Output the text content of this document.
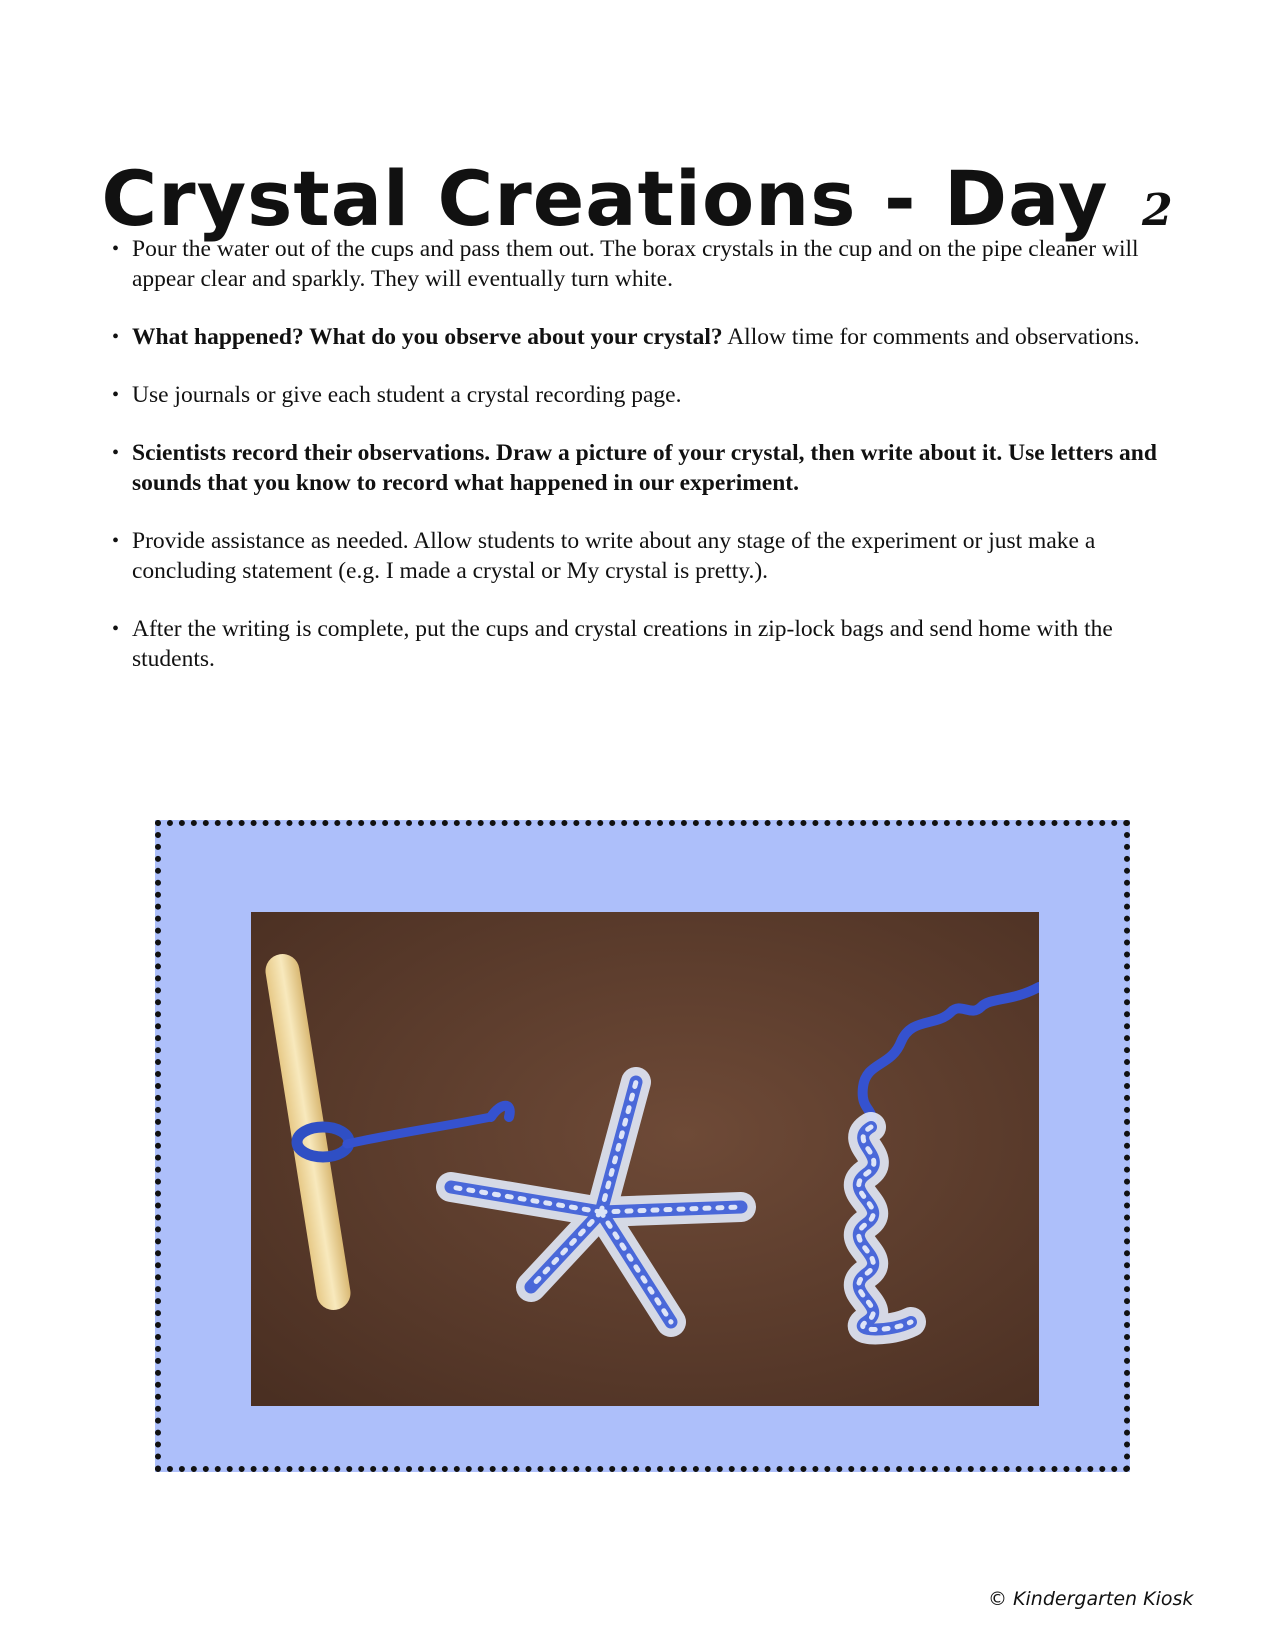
Crystal Creations - Day 2
• Pour the water out of the cups and pass them out. The borax crystals in the cup and on the pipe cleaner will appear clear and sparkly. They will eventually turn white.
• What happened? What do you observe about your crystal? Allow time for comments and observations.
• Use journals or give each student a crystal recording page.
• Scientists record their observations. Draw a picture of your crystal, then write about it. Use letters and sounds that you know to record what happened in our experiment.
• Provide assistance as needed. Allow students to write about any stage of the experiment or just make a concluding statement (e.g. I made a crystal or My crystal is pretty.).
• After the writing is complete, put the cups and crystal creations in zip-lock bags and send home with the students.
© Kindergarten Kiosk
